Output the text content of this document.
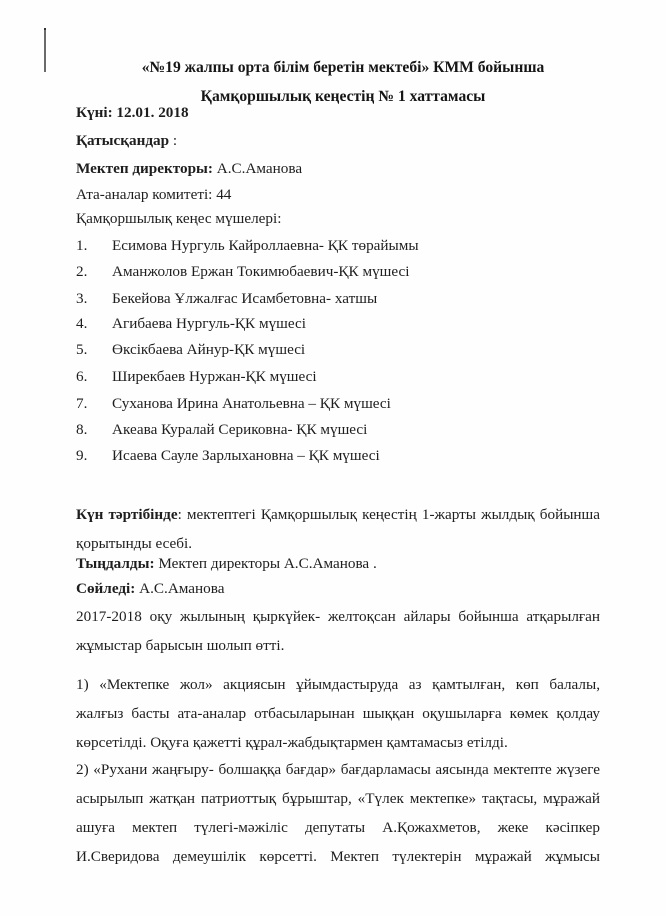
«№19 жалпы орта білім беретін мектебі» КММ бойынша
Қамқоршылық кеңестің № 1 хаттамасы
Күні: 12.01. 2018
Қатысқандар :
Мектеп директоры: А.С.Аманова
Ата-аналар комитеті: 44
Қамқоршылық кеңес мүшелері:
1. Есимова Нургуль Кайроллаевна- ҚК төрайымы
2. Аманжолов Ержан Токимюбаевич-ҚК мүшесі
3. Бекейова Ұлжалғас Исамбетовна- хатшы
4. Агибаева Нургуль-ҚК мүшесі
5. Өксікбаева Айнур-ҚК мүшесі
6. Ширекбаев Нуржан-ҚК мүшесі
7. Суханова Ирина Анатольевна – ҚК мүшесі
8. Акеава Куралай Сериковна- ҚК мүшесі
9. Исаева Сауле Зарлыхановна – ҚК мүшесі
Күн тәртібінде: мектептегі Қамқоршылық кеңестің 1-жарты жылдық бойынша
қорытынды есебі.
Тыңдалды: Мектеп директоры А.С.Аманова .
Сөйледі: А.С.Аманова
2017-2018 оқу жылының қыркүйек- желтоқсан айлары бойынша атқарылған
жұмыстар барысын шолып өтті.
1) «Мектепке жол» акциясын ұйымдастыруда аз қамтылған, көп балалы,
жалғыз басты ата-аналар отбасыларынан шыққан оқушыларға көмек қолдау
көрсетілді. Оқуға қажетті құрал-жабдықтармен қамтамасыз етілді.
2) «Рухани жаңғыру- болшаққа бағдар» бағдарламасы аясында мектепте жүзеге
асырылып жатқан патриоттық бұрыштар, «Түлек мектепке» тақтасы, мұражай
ашуға мектеп түлегі-мәжіліс депутаты А.Қожахметов, жеке кәсіпкер
И.Сверидова демеушілік көрсетті. Мектеп түлектерін мұражай жұмысы
